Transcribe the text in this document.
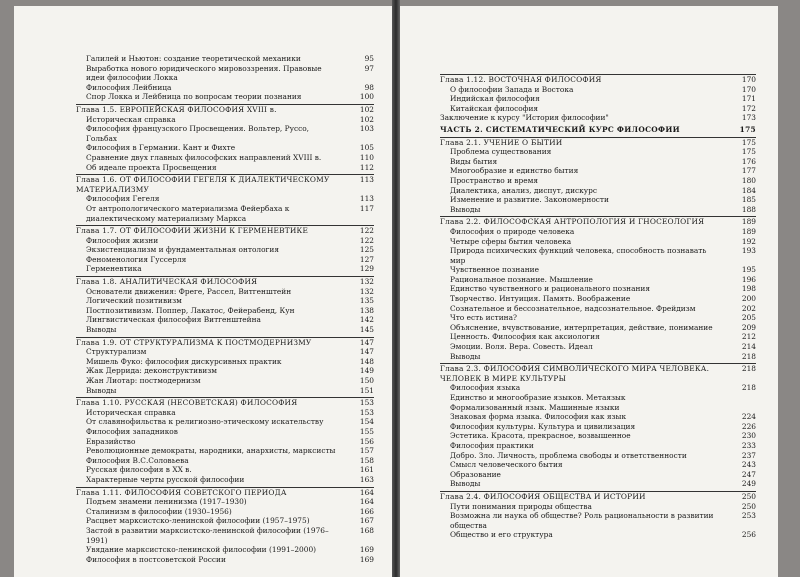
Галилей и Ньютон: создание теоретической механики	95
Выработка нового юридического мировоззрения. Правовые идеи философии Локка
97
Философия Лейбница	98
Спор Локка и Лейбница по вопросам теории познания	100
Глава 1.5. ЕВРОПЕЙСКАЯ ФИЛОСОФИЯ XVIII в.	102
Историческая справка	102
Философия французского Просвещения. Вольтер, Руссо, Гольбах
103
Философия в Германии. Кант и Фихте	105
Сравнение двух главных философских направлений XVIII в.	110
Об идеале проекта Просвещения	112
Глава 1.6. ОТ ФИЛОСОФИИ ГЕГЕЛЯ К ДИАЛЕКТИЧЕСКОМУ МАТЕРИАЛИЗМУ
113
Философия Гегеля	113
От антропологического материализма Фейербаха к диалектическому материализму Маркса
117
Глава 1.7. ОТ ФИЛОСОФИИ ЖИЗНИ К ГЕРМЕНЕВТИКЕ	122
Философия жизни	122
Экзистенциализм и фундаментальная онтология	125
Феноменология Гуссерля	127
Герменевтика	129
Глава 1.8. АНАЛИТИЧЕСКАЯ ФИЛОСОФИЯ	132
Основатели движения: Фреге, Рассел, Витгенштейн	132
Логический позитивизм	135
Постпозитивизм. Поппер, Лакатос, Фейерабенд, Кун	138
Лингвистическая философия Витгенштейна	142
Выводы	145
Глава 1.9. ОТ СТРУКТУРАЛИЗМА К ПОСТМОДЕРНИЗМУ	147
Структурализм	147
Мишель Фуко: философия дискурсивных практик	148
Жак Деррида: деконструктивизм	149
Жан Лиотар: постмодернизм	150
Выводы	151
Глава 1.10. РУССКАЯ (НЕСОВЕТСКАЯ) ФИЛОСОФИЯ	153
Историческая справка	153
От славянофильства к религиозно-этическому искательству	154
Философия западников	155
Евразийство	156
Революционные демократы, народники, анархисты, марксисты	157
Философия В.С.Соловьева	158
Русская философия в XX в.	161
Характерные черты русской философии	163
Глава 1.11. ФИЛОСОФИЯ СОВЕТСКОГО ПЕРИОДА	164
Подъем знамени ленинизма (1917–1930)	164
Сталинизм в философии (1930–1956)	166
Расцвет марксистско-ленинской философии (1957–1975)	167
Застой в развитии марксистско-ленинской философии (1976–1991)
168
Увядание марксистско-ленинской философии (1991–2000)	169
Философия в постсоветской России	169
Глава 1.12. ВОСТОЧНАЯ ФИЛОСОФИЯ	170
О философии Запада и Востока	170
Индийская философия	171
Китайская философия	172
Заключение к курсу "История философии"	173
ЧАСТЬ 2. СИСТЕМАТИЧЕСКИЙ КУРС ФИЛОСОФИИ	175
Глава 2.1. УЧЕНИЕ О БЫТИИ	175
Проблема существования	175
Виды бытия	176
Многообразие и единство бытия	177
Пространство и время	180
Диалектика, анализ, диспут, дискурс	184
Изменение и развитие. Закономерности	185
Выводы	188
Глава 2.2. ФИЛОСОФСКАЯ АНТРОПОЛОГИЯ И ГНОСЕОЛОГИЯ	189
Философия о природе человека	189
Четыре сферы бытия человека	192
Природа психических функций человека, способность познавать мир
193
Чувственное познание	195
Рациональное познание. Мышление	196
Единство чувственного и рационального познания	198
Творчество. Интуиция. Память. Воображение	200
Сознательное и бессознательное, надсознательное. Фрейдизм	202
Что есть истина?	205
Объяснение, вчувствование, интерпретация, действие, понимание	209
Ценность. Философия как аксиология	212
Эмоции. Воля. Вера. Совесть. Идеал	214
Выводы	218
Глава 2.3. ФИЛОСОФИЯ СИМВОЛИЧЕСКОГО МИРА ЧЕЛОВЕКА. ЧЕЛОВЕК В МИРЕ КУЛЬТУРЫ
218
Философия языка	218
Единство и многообразие языков. Метаязык
Формализованный язык. Машинные языки
Знаковая форма языка. Философия как язык	224
Философия культуры. Культура и цивилизация	226
Эстетика. Красота, прекрасное, возвышенное	230
Философия практики	233
Добро. Зло. Личность, проблема свободы и ответственности	237
Смысл человеческого бытия	243
Образование	247
Выводы	249
Глава 2.4. ФИЛОСОФИЯ ОБЩЕСТВА И ИСТОРИИ	250
Пути понимания природы общества	250
Возможна ли наука об обществе? Роль рациональности в развитии общества
253
Общество и его структура	256
